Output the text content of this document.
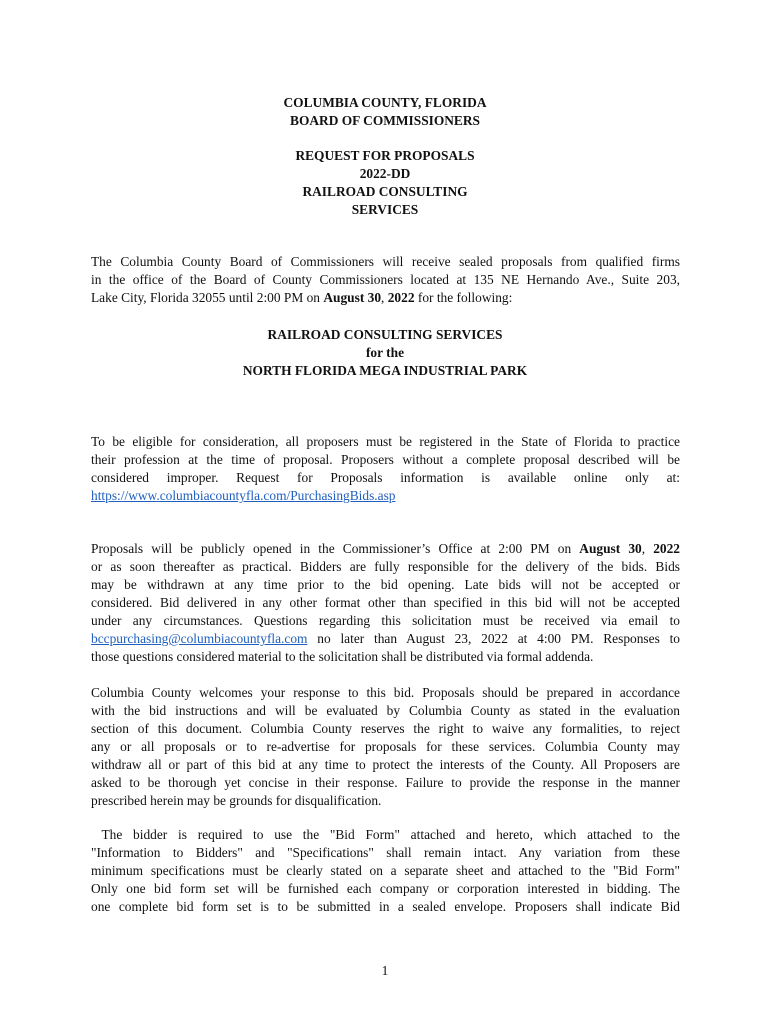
COLUMBIA COUNTY, FLORIDA
BOARD OF COMMISSIONERS
REQUEST FOR PROPOSALS
2022-DD
RAILROAD CONSULTING
SERVICES
The Columbia County Board of Commissioners will receive sealed proposals from qualified firms
in the office of the Board of County Commissioners located at 135 NE Hernando Ave., Suite 203,
Lake City, Florida 32055 until 2:00 PM on August 30, 2022 for the following:
RAILROAD CONSULTING SERVICES
for the
NORTH FLORIDA MEGA INDUSTRIAL PARK
To be eligible for consideration, all proposers must be registered in the State of Florida to practice
their profession at the time of proposal. Proposers without a complete proposal described will be
considered improper. Request for Proposals information is available online only at:
https://www.columbiacountyfla.com/PurchasingBids.asp
Proposals will be publicly opened in the Commissioner’s Office at 2:00 PM on August 30, 2022
or as soon thereafter as practical. Bidders are fully responsible for the delivery of the bids. Bids
may be withdrawn at any time prior to the bid opening. Late bids will not be accepted or
considered. Bid delivered in any other format other than specified in this bid will not be accepted
under any circumstances. Questions regarding this solicitation must be received via email to
bccpurchasing@columbiacountyfla.com no later than August 23, 2022 at 4:00 PM. Responses to
those questions considered material to the solicitation shall be distributed via formal addenda.
Columbia County welcomes your response to this bid. Proposals should be prepared in accordance
with the bid instructions and will be evaluated by Columbia County as stated in the evaluation
section of this document. Columbia County reserves the right to waive any formalities, to reject
any or all proposals or to re-advertise for proposals for these services. Columbia County may
withdraw all or part of this bid at any time to protect the interests of the County. All Proposers are
asked to be thorough yet concise in their response. Failure to provide the response in the manner
prescribed herein may be grounds for disqualification.
The bidder is required to use the "Bid Form" attached and hereto, which attached to the
"Information to Bidders" and "Specifications" shall remain intact. Any variation from these
minimum specifications must be clearly stated on a separate sheet and attached to the "Bid Form"
Only one bid form set will be furnished each company or corporation interested in bidding. The
one complete bid form set is to be submitted in a sealed envelope. Proposers shall indicate Bid
1
